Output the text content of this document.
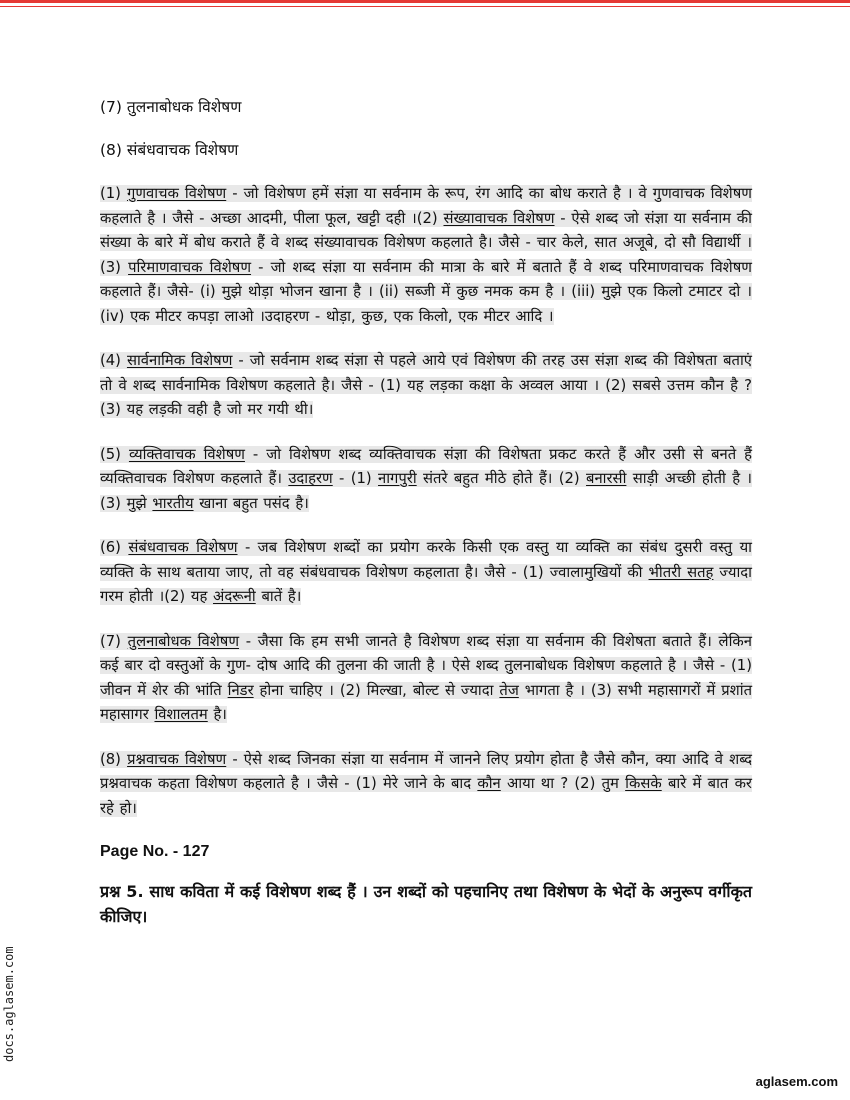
(7) तुलनाबोधक विशेषण

(8) संबंधवाचक विशेषण

(1) गुणवाचक विशेषण - जो विशेषण हमें संज्ञा या सर्वनाम के रूप, रंग आदि का बोध कराते है । वे गुणवाचक विशेषण कहलाते है । जैसे - अच्छा आदमी, पीला फूल, खट्टी दही ।(2) संख्यावाचक विशेषण - ऐसे शब्द जो संज्ञा या सर्वनाम की संख्या के बारे में बोध कराते हैं वे शब्द संख्यावाचक विशेषण कहलाते है। जैसे - चार केले, सात अजूबे, दो सौ विद्यार्थी ।(3) परिमाणवाचक विशेषण - जो शब्द संज्ञा या सर्वनाम की मात्रा के बारे में बताते हैं वे शब्द परिमाणवाचक विशेषण कहलाते हैं। जैसे- (i) मुझे थोड़ा भोजन खाना है । (ii) सब्जी में कुछ नमक कम है । (iii) मुझे एक किलो टमाटर दो । (iv) एक मीटर कपड़ा लाओ ।उदाहरण - थोड़ा, कुछ, एक किलो, एक मीटर आदि ।

(4) सार्वनामिक विशेषण - जो सर्वनाम शब्द संज्ञा से पहले आये एवं विशेषण की तरह उस संज्ञा शब्द की विशेषता बताएं तो वे शब्द सार्वनामिक विशेषण कहलाते है। जैसे - (1) यह लड़का कक्षा के अव्वल आया । (2) सबसे उत्तम कौन है ? (3) यह लड़की वही है जो मर गयी थी।

(5) व्यक्तिवाचक विशेषण - जो विशेषण शब्द व्यक्तिवाचक संज्ञा की विशेषता प्रकट करते हैं और उसी से बनते हैं व्यक्तिवाचक विशेषण कहलाते हैं। उदाहरण - (1) नागपुरी संतरे बहुत मीठे होते हैं। (2) बनारसी साड़ी अच्छी होती है । (3) मुझे भारतीय खाना बहुत पसंद है।

(6) संबंधवाचक विशेषण - जब विशेषण शब्दों का प्रयोग करके किसी एक वस्तु या व्यक्ति का संबंध दुसरी वस्तु या व्यक्ति के साथ बताया जाए, तो वह संबंधवाचक विशेषण कहलाता है। जैसे - (1) ज्वालामुखियों की भीतरी सतह ज्यादा गरम होती ।(2) यह अंदरूनी बातें है।

(7) तुलनाबोधक विशेषण - जैसा कि हम सभी जानते है विशेषण शब्द संज्ञा या सर्वनाम की विशेषता बताते हैं। लेकिन कई बार दो वस्तुओं के गुण- दोष आदि की तुलना की जाती है । ऐसे शब्द तुलनाबोधक विशेषण कहलाते है । जैसे - (1) जीवन में शेर की भांति निडर होना चाहिए । (2) मिल्खा, बोल्ट से ज्यादा तेज भागता है । (3) सभी महासागरों में प्रशांत महासागर विशालतम है।

(8) प्रश्नवाचक विशेषण - ऐसे शब्द जिनका संज्ञा या सर्वनाम में जानने लिए प्रयोग होता है जैसे कौन, क्या आदि वे शब्द प्रश्नवाचक कहता विशेषण कहलाते है । जैसे - (1) मेरे जाने के बाद कौन आया था ? (2) तुम किसके बारे में बात कर रहे हो।

Page No. - 127
प्रश्न 5. साध कविता में कई विशेषण शब्द हैं । उन शब्दों को पहचानिए तथा विशेषण के भेदों के अनुरूप वर्गीकृत कीजिए।
docs.aglasem.com
aglasem.com
